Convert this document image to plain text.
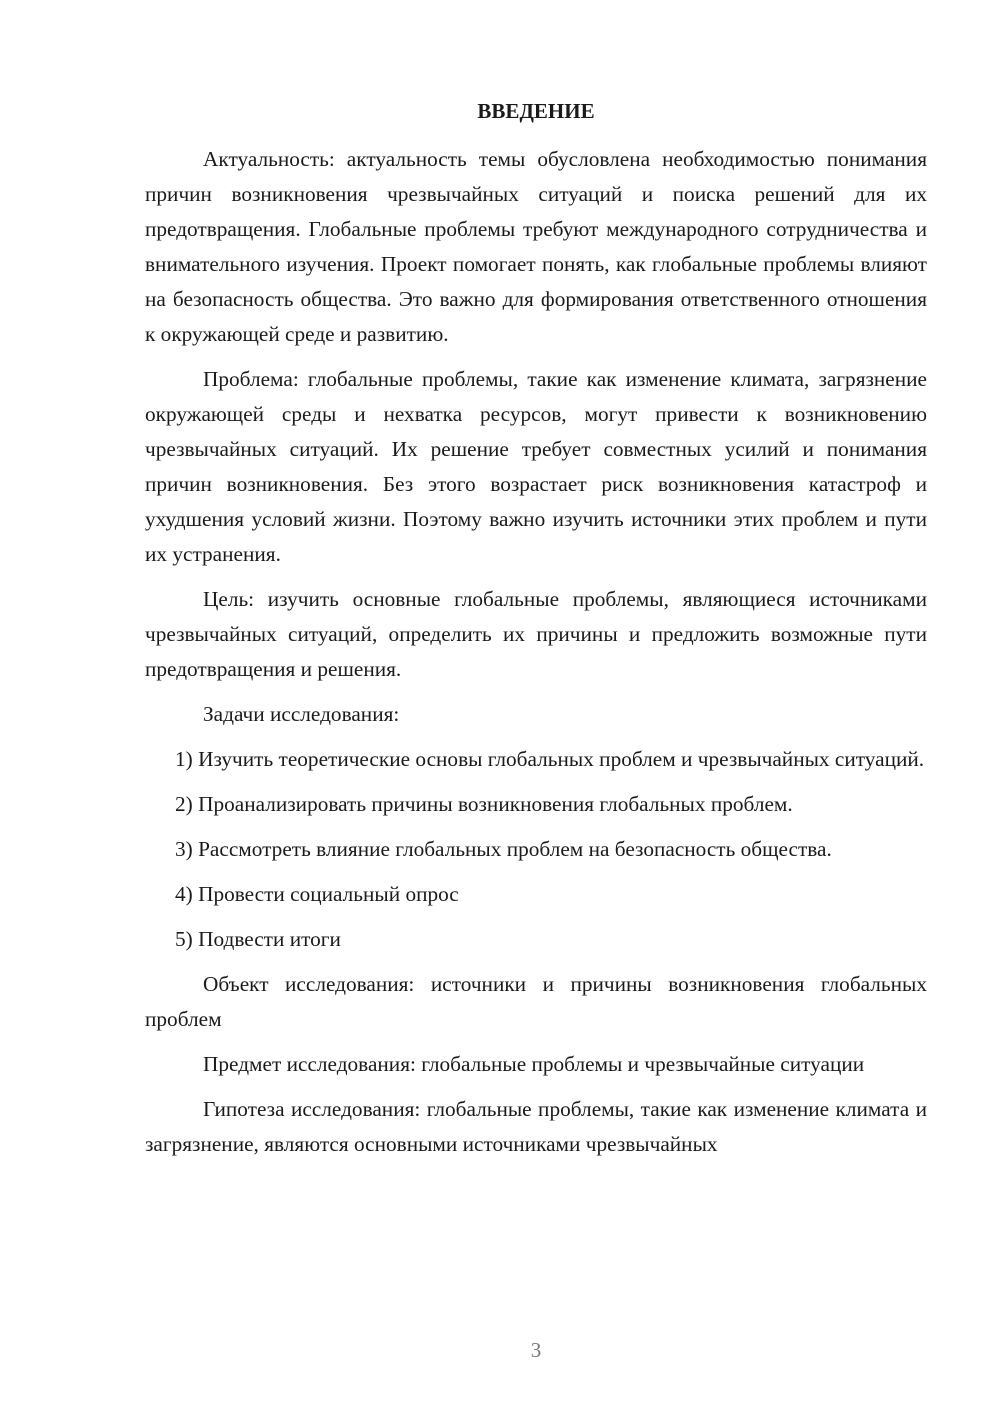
ВВЕДЕНИЕ

Актуальность: актуальность темы обусловлена необходимостью понимания причин возникновения чрезвычайных ситуаций и поиска решений для их предотвращения. Глобальные проблемы требуют международного сотрудничества и внимательного изучения. Проект помогает понять, как глобальные проблемы влияют на безопасность общества. Это важно для формирования ответственного отношения к окружающей среде и развитию.

Проблема: глобальные проблемы, такие как изменение климата, загрязнение окружающей среды и нехватка ресурсов, могут привести к возникновению чрезвычайных ситуаций. Их решение требует совместных усилий и понимания причин возникновения. Без этого возрастает риск возникновения катастроф и ухудшения условий жизни. Поэтому важно изучить источники этих проблем и пути их устранения.

Цель: изучить основные глобальные проблемы, являющиеся источниками чрезвычайных ситуаций, определить их причины и предложить возможные пути предотвращения и решения.

Задачи исследования:

1) Изучить теоретические основы глобальных проблем и чрезвычайных ситуаций.

2) Проанализировать причины возникновения глобальных проблем.

3) Рассмотреть влияние глобальных проблем на безопасность общества.

4) Провести социальный опрос

5) Подвести итоги

Объект исследования: источники и причины возникновения глобальных проблем

Предмет исследования: глобальные проблемы и чрезвычайные ситуации

Гипотеза исследования: глобальные проблемы, такие как изменение климата и загрязнение, являются основными источниками чрезвычайных

3
